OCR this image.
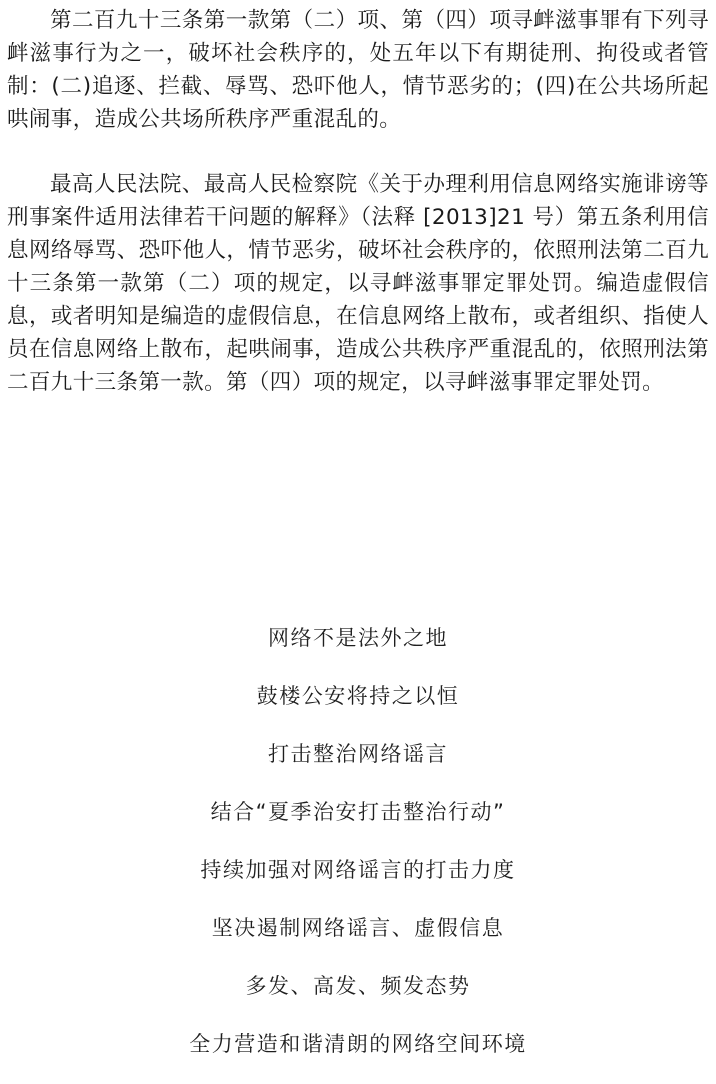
第二百九十三条第一款第（二）项、第（四）项寻衅滋事罪有下列寻衅滋事行为之一，破坏社会秩序的，处五年以下有期徒刑、拘役或者管制：(二)追逐、拦截、辱骂、恐吓他人，情节恶劣的；(四)在公共场所起哄闹事，造成公共场所秩序严重混乱的。

最高人民法院、最高人民检察院《关于办理利用信息网络实施诽谤等刑事案件适用法律若干问题的解释》（法释 [2013]21 号）第五条利用信息网络辱骂、恐吓他人，情节恶劣，破坏社会秩序的，依照刑法第二百九十三条第一款第（二）项的规定，以寻衅滋事罪定罪处罚。编造虚假信息，或者明知是编造的虚假信息，在信息网络上散布，或者组织、指使人员在信息网络上散布，起哄闹事，造成公共秩序严重混乱的，依照刑法第二百九十三条第一款。第（四）项的规定，以寻衅滋事罪定罪处罚。

网络不是法外之地
鼓楼公安将持之以恒
打击整治网络谣言
结合“夏季治安打击整治行动”
持续加强对网络谣言的打击力度
坚决遏制网络谣言、虚假信息
多发、高发、频发态势
全力营造和谐清朗的网络空间环境
